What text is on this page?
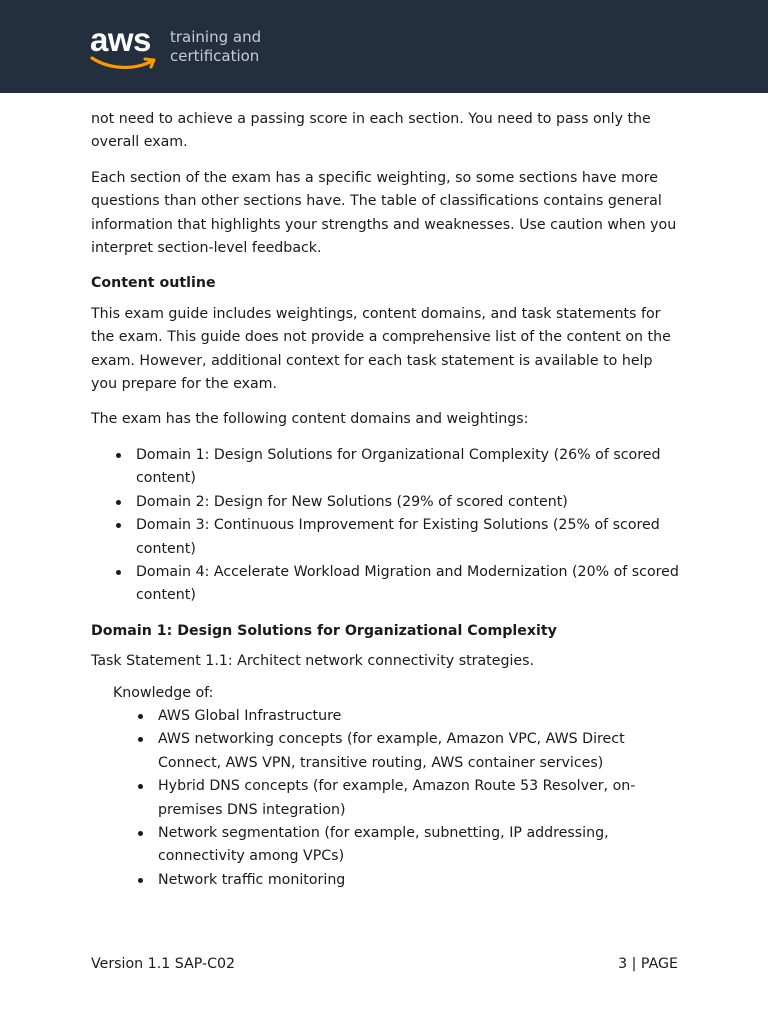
aws training and
certification

not need to achieve a passing score in each section. You need to pass only the overall exam.

Each section of the exam has a specific weighting, so some sections have more questions than other sections have. The table of classifications contains general information that highlights your strengths and weaknesses. Use caution when you interpret section-level feedback.

Content outline

This exam guide includes weightings, content domains, and task statements for the exam. This guide does not provide a comprehensive list of the content on the exam. However, additional context for each task statement is available to help you prepare for the exam.

The exam has the following content domains and weightings:

Domain 1: Design Solutions for Organizational Complexity (26% of scored content)
Domain 2: Design for New Solutions (29% of scored content)
Domain 3: Continuous Improvement for Existing Solutions (25% of scored content)
Domain 4: Accelerate Workload Migration and Modernization (20% of scored content)

Domain 1: Design Solutions for Organizational Complexity

Task Statement 1.1: Architect network connectivity strategies.

Knowledge of:

AWS Global Infrastructure
AWS networking concepts (for example, Amazon VPC, AWS Direct Connect, AWS VPN, transitive routing, AWS container services)
Hybrid DNS concepts (for example, Amazon Route 53 Resolver, on-premises DNS integration)
Network segmentation (for example, subnetting, IP addressing, connectivity among VPCs)
Network traffic monitoring
Version 1.1 SAP-C02	3 | PAGE
